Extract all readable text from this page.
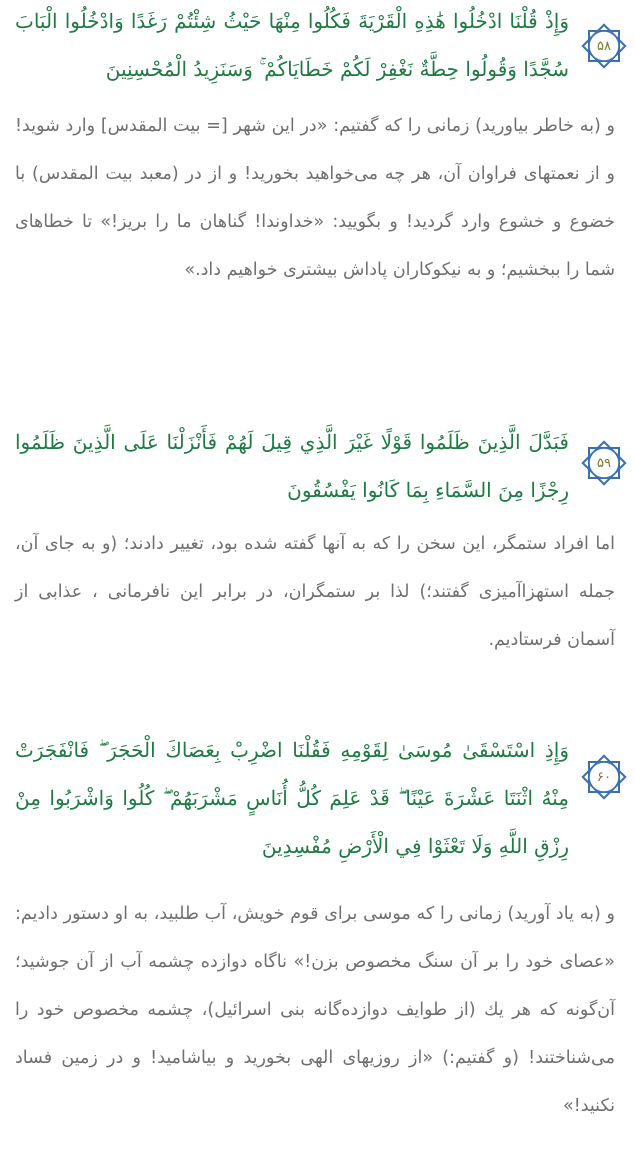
۵۸

وَإِذْ قُلْنَا ادْخُلُوا هَٰذِهِ الْقَرْيَةَ فَكُلُوا مِنْهَا حَيْثُ شِئْتُمْ رَغَدًا وَادْخُلُوا الْبَابَ سُجَّدًا وَقُولُوا حِطَّةٌ نَغْفِرْ لَكُمْ خَطَايَاكُمْ ۚ وَسَنَزِيدُ الْمُحْسِنِينَ

و (به خاطر بیاورید) زمانی را که گفتیم: «در این شهر [= بیت المقدس] وارد شوید! و از نعمتهای فراوان آن، هر چه می‌خواهید بخورید! و از در (معبد بیت المقدس) با خضوع و خشوع وارد گردید! و بگویید: «خداوندا! گناهان ما را بریز!» تا خطاهای شما را ببخشیم؛ و به نیکوکاران پاداش بیشتری خواهیم داد.»

۵۹

فَبَدَّلَ الَّذِينَ ظَلَمُوا قَوْلًا غَيْرَ الَّذِي قِيلَ لَهُمْ فَأَنْزَلْنَا عَلَى الَّذِينَ ظَلَمُوا رِجْزًا مِنَ السَّمَاءِ بِمَا كَانُوا يَفْسُقُونَ

اما افراد ستمگر، این سخن را که به آنها گفته شده بود، تغییر دادند؛ (و به جای آن، جمله استهزاآمیزی گفتند؛) لذا بر ستمگران، در برابر این نافرمانی ، عذابی از آسمان فرستادیم.

۶۰

وَإِذِ اسْتَسْقَىٰ مُوسَىٰ لِقَوْمِهِ فَقُلْنَا اضْرِبْ بِعَصَاكَ الْحَجَرَ ۖ فَانْفَجَرَتْ مِنْهُ اثْنَتَا عَشْرَةَ عَيْنًا ۖ قَدْ عَلِمَ كُلُّ أُنَاسٍ مَشْرَبَهُمْ ۖ كُلُوا وَاشْرَبُوا مِنْ رِزْقِ اللَّهِ وَلَا تَعْثَوْا فِي الْأَرْضِ مُفْسِدِينَ

و (به یاد آورید) زمانی را که موسی برای قوم خویش، آب طلبید، به او دستور دادیم: «عصای خود را بر آن سنگ مخصوص بزن!» ناگاه دوازده چشمه آب از آن جوشید؛ آن‌گونه که هر یك (از طوایف دوازده‌گانه بنی اسرائیل)، چشمه مخصوص خود را می‌شناختند! (و گفتیم:) «از روزیهای الهی بخورید و بیاشامید! و در زمین فساد نکنید!»
